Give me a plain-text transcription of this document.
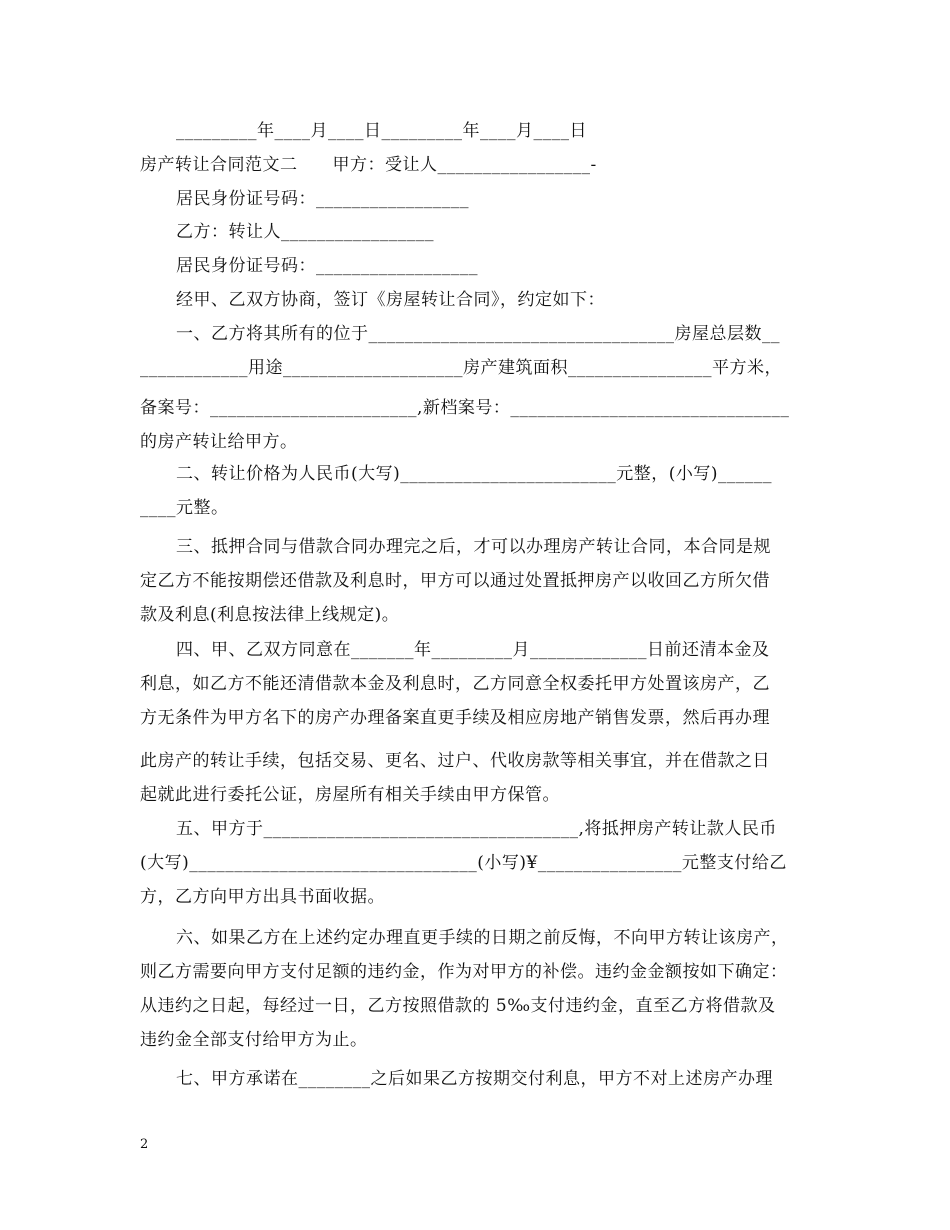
_________年____月____日_________年____月____日
房产转让合同范文二　　甲方：受让人_________________-
居民身份证号码：_________________
乙方：转让人_________________
居民身份证号码：__________________
经甲、乙双方协商，签订《房屋转让合同》，约定如下：
一、乙方将其所有的位于__________________________________房屋总层数__
____________用途____________________房产建筑面积________________平方米，
备案号：_______________________,新档案号：_______________________________
的房产转让给甲方。
二、转让价格为人民币(大写)________________________元整，(小写)______
____元整。
三、抵押合同与借款合同办理完之后，才可以办理房产转让合同，本合同是规
定乙方不能按期偿还借款及利息时，甲方可以通过处置抵押房产以收回乙方所欠借
款及利息(利息按法律上线规定)。
四、甲、乙双方同意在_______年_________月_____________日前还清本金及
利息，如乙方不能还清借款本金及利息时，乙方同意全权委托甲方处置该房产，乙
方无条件为甲方名下的房产办理备案直更手续及相应房地产销售发票，然后再办理
此房产的转让手续，包括交易、更名、过户、代收房款等相关事宜，并在借款之日
起就此进行委托公证，房屋所有相关手续由甲方保管。
五、甲方于___________________________________,将抵押房产转让款人民币
(大写)________________________________(小写)¥________________元整支付给乙
方，乙方向甲方出具书面收据。
六、如果乙方在上述约定办理直更手续的日期之前反悔，不向甲方转让该房产，
则乙方需要向甲方支付足额的违约金，作为对甲方的补偿。违约金金额按如下确定：
从违约之日起，每经过一日，乙方按照借款的 5‰支付违约金，直至乙方将借款及
违约金全部支付给甲方为止。
七、甲方承诺在________之后如果乙方按期交付利息，甲方不对上述房产办理
2
